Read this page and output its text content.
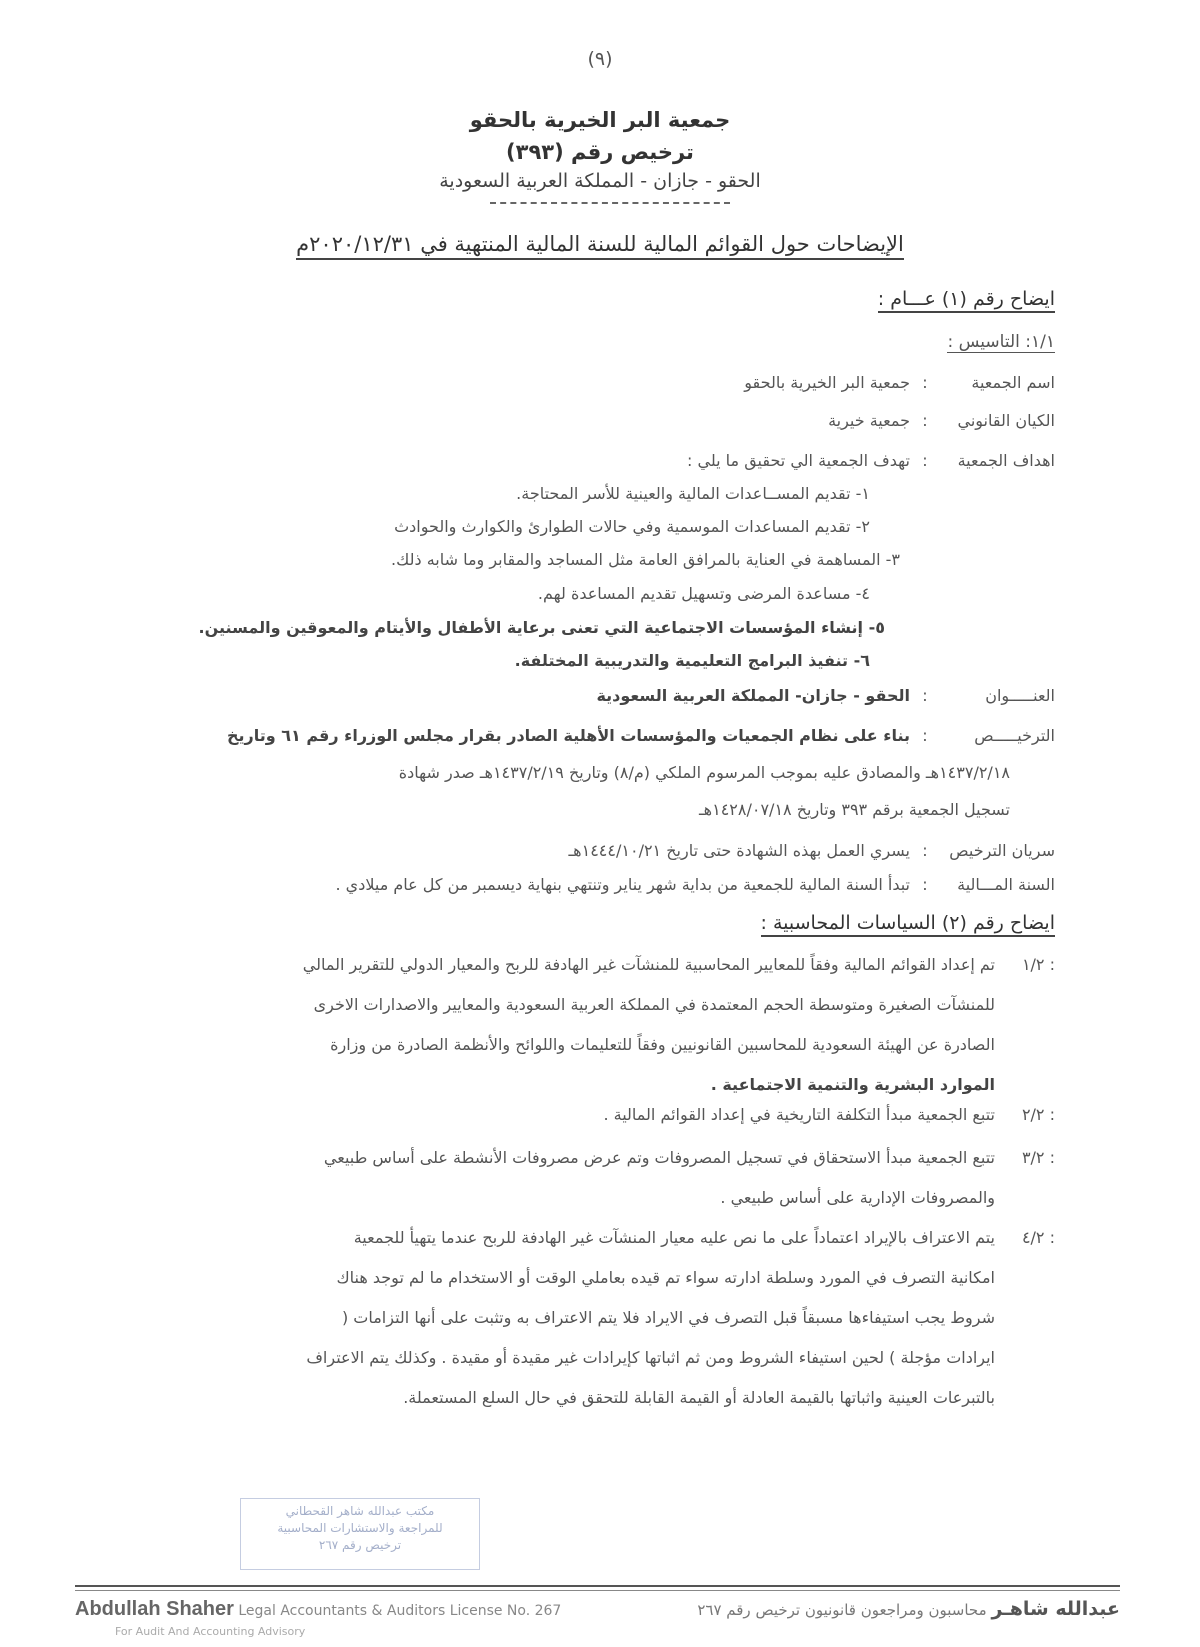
(٩)
جمعية البر الخيرية بالحقو
ترخيص رقم (٣٩٣)
الحقو - جازان - المملكة العربية السعودية
الإيضاحات حول القوائم المالية للسنة المالية المنتهية في ٢٠٢٠/١٢/٣١م
ايضاح رقم (١) عـــام :
١/١: التاسيس :
اسم الجمعية
:
جمعية البر الخيرية بالحقو
الكيان القانوني
:
جمعية خيرية
اهداف الجمعية
:
تهدف الجمعية الي تحقيق ما يلي :
١- تقديم المســاعدات المالية والعينية للأسر المحتاجة.
٢- تقديم المساعدات الموسمية وفي حالات الطوارئ والكوارث والحوادث
٣- المساهمة في العناية بالمرافق العامة مثل المساجد والمقابر وما شابه ذلك.
٤- مساعدة المرضى وتسهيل تقديم المساعدة لهم.
٥- إنشاء المؤسسات الاجتماعية التي تعنى برعاية الأطفال والأيتام والمعوقين والمسنين.
٦- تنفيذ البرامج التعليمية والتدريبية المختلفة.
العنـــــوان
:
الحقو - جازان- المملكة العربية السعودية
الترخيـــــص
:
بناء على نظام الجمعيات والمؤسسات الأهلية الصادر بقرار مجلس الوزراء رقم ٦١ وتاريخ
١٤٣٧/٢/١٨هـ والمصادق عليه بموجب المرسوم الملكي (م/٨) وتاريخ ١٤٣٧/٢/١٩هـ صدر شهادة
تسجيل الجمعية برقم ٣٩٣ وتاريخ ١٤٢٨/٠٧/١٨هـ
سريان الترخيص
:
يسري العمل بهذه الشهادة حتى تاريخ ١٤٤٤/١٠/٢١هـ
السنة المـــالية
:
تبدأ السنة المالية للجمعية من بداية شهر يناير وتنتهي بنهاية ديسمبر من كل عام ميلادي .
ايضاح رقم (٢) السياسات المحاسبية :
: ١/٢
تم إعداد القوائم المالية وفقاً للمعايير المحاسبية للمنشآت غير الهادفة للربح والمعيار الدولي للتقرير المالي
للمنشآت الصغيرة ومتوسطة الحجم المعتمدة في المملكة العربية السعودية والمعايير والاصدارات الاخرى
الصادرة عن الهيئة السعودية للمحاسبين القانونيين وفقاً للتعليمات واللوائح والأنظمة الصادرة من وزارة
الموارد البشرية والتنمية الاجتماعية .
: ٢/٢
تتبع الجمعية مبدأ التكلفة التاريخية في إعداد القوائم المالية .
: ٣/٢
تتبع الجمعية مبدأ الاستحقاق في تسجيل المصروفات وتم عرض مصروفات الأنشطة على أساس طبيعي
والمصروفات الإدارية على أساس طبيعي .
: ٤/٢
يتم الاعتراف بالإيراد اعتماداً على ما نص عليه معيار المنشآت غير الهادفة للربح عندما يتهيأ للجمعية
امكانية التصرف في المورد وسلطة ادارته سواء تم قيده بعاملي الوقت أو الاستخدام ما لم توجد هناك
شروط يجب استيفاءها مسبقاً قبل التصرف في الايراد فلا يتم الاعتراف به وتثبت على أنها التزامات (
ايرادات مؤجلة ) لحين استيفاء الشروط ومن ثم اثباتها كإيرادات غير مقيدة أو مقيدة . وكذلك يتم الاعتراف
بالتبرعات العينية واثباتها بالقيمة العادلة أو القيمة القابلة للتحقق في حال السلع المستعملة.
مكتب عبدالله شاهر القحطاني
للمراجعة والاستشارات المحاسبية
ترخيص رقم ٢٦٧
Abdullah Shaher Legal Accountants & Auditors License No. 267
For Audit And Accounting Advisory
عبدالله شاهـر محاسبون ومراجعون قانونيون ترخيص رقم ٢٦٧
